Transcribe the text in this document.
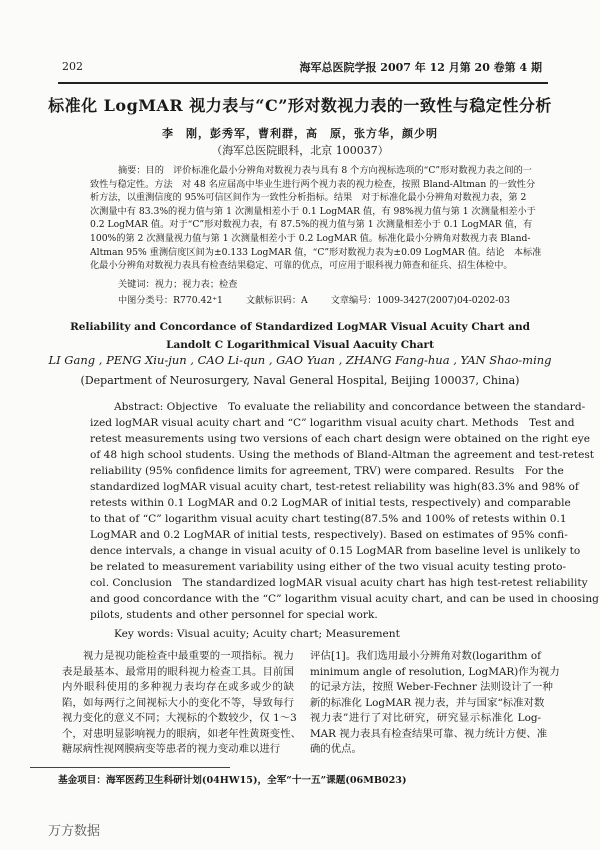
202	海军总医院学报 2007 年 12 月第 20 卷第 4 期
标准化 LogMAR 视力表与“C”形对数视力表的一致性与稳定性分析
李　刚，彭秀军，曹利群，高　原，张方华，颜少明
（海军总医院眼科，北京 100037）
摘要：目的　评价标准化最小分辨角对数视力表与具有 8 个方向视标选项的“C”形对数视力表之间的一
致性与稳定性。方法　对 48 名应届高中毕业生进行两个视力表的视力检查，按照 Bland-Altman 的一致性分
析方法，以重测信度的 95%可信区间作为一致性分析指标。结果　对于标准化最小分辨角对数视力表，第 2
次测量中有 83.3%的视力值与第 1 次测量相差小于 0.1 LogMAR 值，有 98%视力值与第 1 次测量相差小于
0.2 LogMAR 值。对于“C”形对数视力表，有 87.5%的视力值与第 1 次测量相差小于 0.1 LogMAR 值，有
100%的第 2 次测量视力值与第 1 次测量相差小于 0.2 LogMAR 值。标准化最小分辨角对数视力表 Bland-
Altman 95% 重测信度区间为±0.133 LogMAR 值，“C”形对数视力表为±0.09 LogMAR 值。结论　本标准
化最小分辨角对数视力表具有检查结果稳定、可靠的优点，可应用于眼科视力筛查和征兵、招生体检中。
关键词：视力；视力表；检查
中图分类号：R770.42⁺1	文献标识码：A	文章编号：1009-3427(2007)04-0202-03
Reliability and Concordance of Standardized LogMAR Visual Acuity Chart and
Landolt C Logarithmical Visual Aacuity Chart
LI Gang , PENG Xiu-jun , CAO Li-qun , GAO Yuan , ZHANG Fang-hua , YAN Shao-ming
(Department of Neurosurgery, Naval General Hospital, Beijing 100037, China)
Abstract: Objective　To evaluate the reliability and concordance between the standard-
ized logMAR visual acuity chart and “C” logarithm visual acuity chart. Methods　Test and
retest measurements using two versions of each chart design were obtained on the right eye
of 48 high school students. Using the methods of Bland-Altman the agreement and test-retest
reliability (95% confidence limits for agreement, TRV) were compared. Results　For the
standardized logMAR visual acuity chart, test-retest reliability was high(83.3% and 98% of
retests within 0.1 LogMAR and 0.2 LogMAR of initial tests, respectively) and comparable
to that of “C” logarithm visual acuity chart testing(87.5% and 100% of retests within 0.1
LogMAR and 0.2 LogMAR of initial tests, respectively). Based on estimates of 95% confi-
dence intervals, a change in visual acuity of 0.15 LogMAR from baseline level is unlikely to
be related to measurement variability using either of the two visual acuity testing proto-
col. Conclusion　The standardized logMAR visual acuity chart has high test-retest reliability
and good concordance with the “C” logarithm visual acuity chart, and can be used in choosing
pilots, students and other personnel for special work.
Key words: Visual acuity; Acuity chart; Measurement
视力是视功能检查中最重要的一项指标。视力
表是最基本、最常用的眼科视力检查工具。目前国
内外眼科使用的多种视力表均存在或多或少的缺
陷，如每两行之间视标大小的变化不等，导致每行
视力变化的意义不同；大视标的个数较少，仅 1～3
个，对患明显影响视力的眼病，如老年性黄斑变性、
糖尿病性视网膜病变等患者的视力变动难以进行
评估[1]。我们选用最小分辨角对数(logarithm of
minimum angle of resolution, LogMAR)作为视力
的记录方法，按照 Weber-Fechner 法则设计了一种
新的标准化 LogMAR 视力表，并与国家“标准对数
视力表”进行了对比研究，研究显示标准化 Log-
MAR 视力表具有检查结果可靠、视力统计方便、准
确的优点。
基金项目：海军医药卫生科研计划(04HW15)，全军“十一五”课题(06MB023)
万方数据
